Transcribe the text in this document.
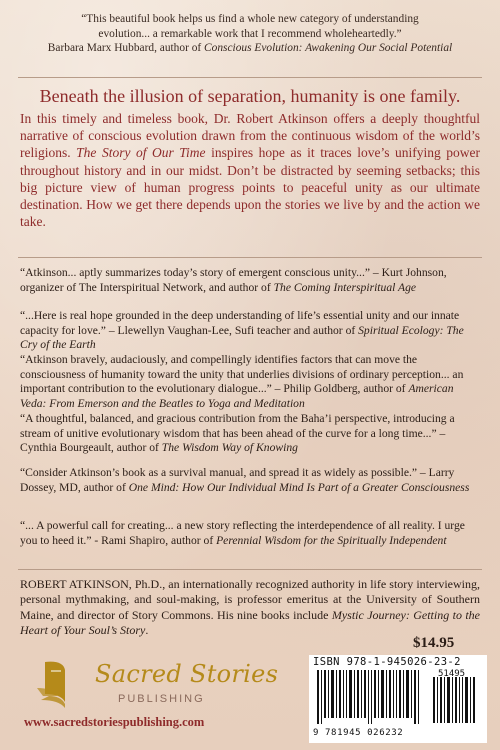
“This beautiful book helps us find a whole new category of understanding
evolution... a remarkable work that I recommend wholeheartedly.”
Barbara Marx Hubbard, author of Conscious Evolution: Awakening Our Social Potential
Beneath the illusion of separation, humanity is one family.
In this timely and timeless book, Dr. Robert Atkinson offers a deeply thoughtful narrative of conscious evolution drawn from the continuous wisdom of the world’s religions. The Story of Our Time inspires hope as it traces love’s unifying power throughout history and in our midst. Don’t be distracted by seeming setbacks; this big picture view of human progress points to peaceful unity as our ultimate destination. How we get there depends upon the stories we live by and the action we take.
“Atkinson... aptly summarizes today’s story of emergent conscious unity...” – Kurt Johnson, organizer of The Interspiritual Network, and author of The Coming Interspiritual Age
“...Here is real hope grounded in the deep understanding of life’s essential unity and our innate capacity for love.” – Llewellyn Vaughan-Lee, Sufi teacher and author of Spiritual Ecology: The Cry of the Earth
“Atkinson bravely, audaciously, and compellingly identifies factors that can move the consciousness of humanity toward the unity that underlies divisions of ordinary perception... an important contribution to the evolutionary dialogue...” – Philip Goldberg, author of American Veda: From Emerson and the Beatles to Yoga and Meditation
“A thoughtful, balanced, and gracious contribution from the Baha’i perspective, introducing a stream of unitive evolutionary wisdom that has been ahead of the curve for a long time...” – Cynthia Bourgeault, author of The Wisdom Way of Knowing
“Consider Atkinson’s book as a survival manual, and spread it as widely as possible.” – Larry Dossey, MD, author of One Mind: How Our Individual Mind Is Part of a Greater Consciousness
“... A powerful call for creating... a new story reflecting the interdependence of all reality. I urge you to heed it.” - Rami Shapiro, author of Perennial Wisdom for the Spiritually Independent
ROBERT ATKINSON, Ph.D., an internationally recognized authority in life story interviewing, personal mythmaking, and soul-making, is professor emeritus at the University of Southern Maine, and director of Story Commons. His nine books include Mystic Journey: Getting to the Heart of Your Soul’s Story.
$14.95
ISBN 978-1-945026-23-2
51495
9 781945 026232
Sacred Stories
PUBLISHING
www.sacredstoriespublishing.com
